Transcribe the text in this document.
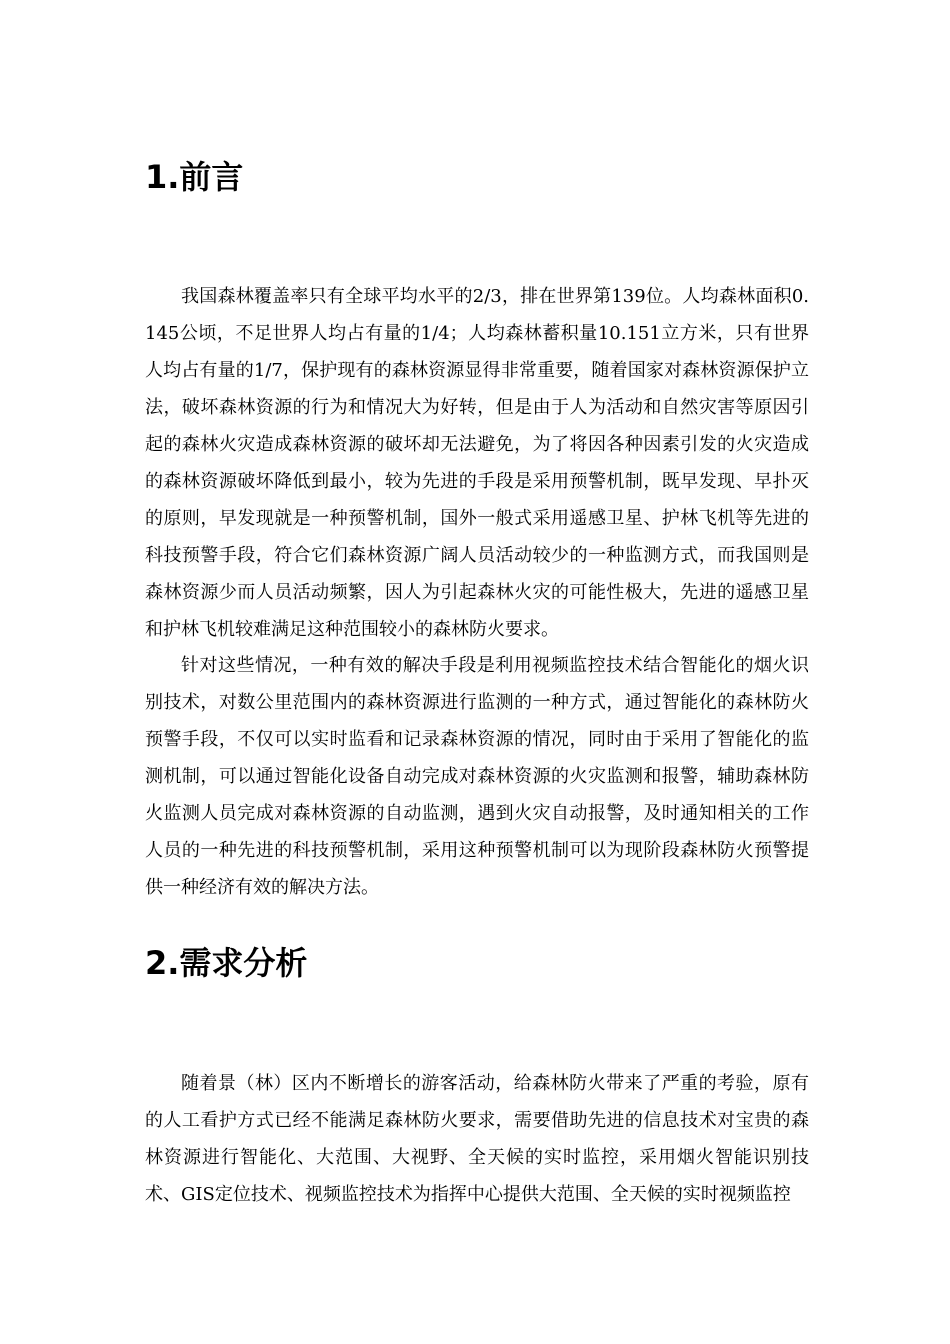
1.前言

我国森林覆盖率只有全球平均水平的2/3，排在世界第139位。人均森林面积0.145公顷，不足世界人均占有量的1/4；人均森林蓄积量10.151立方米，只有世界人均占有量的1/7，保护现有的森林资源显得非常重要，随着国家对森林资源保护立法，破坏森林资源的行为和情况大为好转，但是由于人为活动和自然灾害等原因引起的森林火灾造成森林资源的破坏却无法避免，为了将因各种因素引发的火灾造成的森林资源破坏降低到最小，较为先进的手段是采用预警机制，既早发现、早扑灭的原则，早发现就是一种预警机制，国外一般式采用遥感卫星、护林飞机等先进的科技预警手段，符合它们森林资源广阔人员活动较少的一种监测方式，而我国则是森林资源少而人员活动频繁，因人为引起森林火灾的可能性极大，先进的遥感卫星和护林飞机较难满足这种范围较小的森林防火要求。

针对这些情况，一种有效的解决手段是利用视频监控技术结合智能化的烟火识别技术，对数公里范围内的森林资源进行监测的一种方式，通过智能化的森林防火预警手段，不仅可以实时监看和记录森林资源的情况，同时由于采用了智能化的监测机制，可以通过智能化设备自动完成对森林资源的火灾监测和报警，辅助森林防火监测人员完成对森林资源的自动监测，遇到火灾自动报警，及时通知相关的工作人员的一种先进的科技预警机制，采用这种预警机制可以为现阶段森林防火预警提供一种经济有效的解决方法。

2.需求分析

随着景（林）区内不断增长的游客活动，给森林防火带来了严重的考验，原有的人工看护方式已经不能满足森林防火要求，需要借助先进的信息技术对宝贵的森林资源进行智能化、大范围、大视野、全天候的实时监控，采用烟火智能识别技术、GIS定位技术、视频监控技术为指挥中心提供大范围、全天候的实时视频监控
